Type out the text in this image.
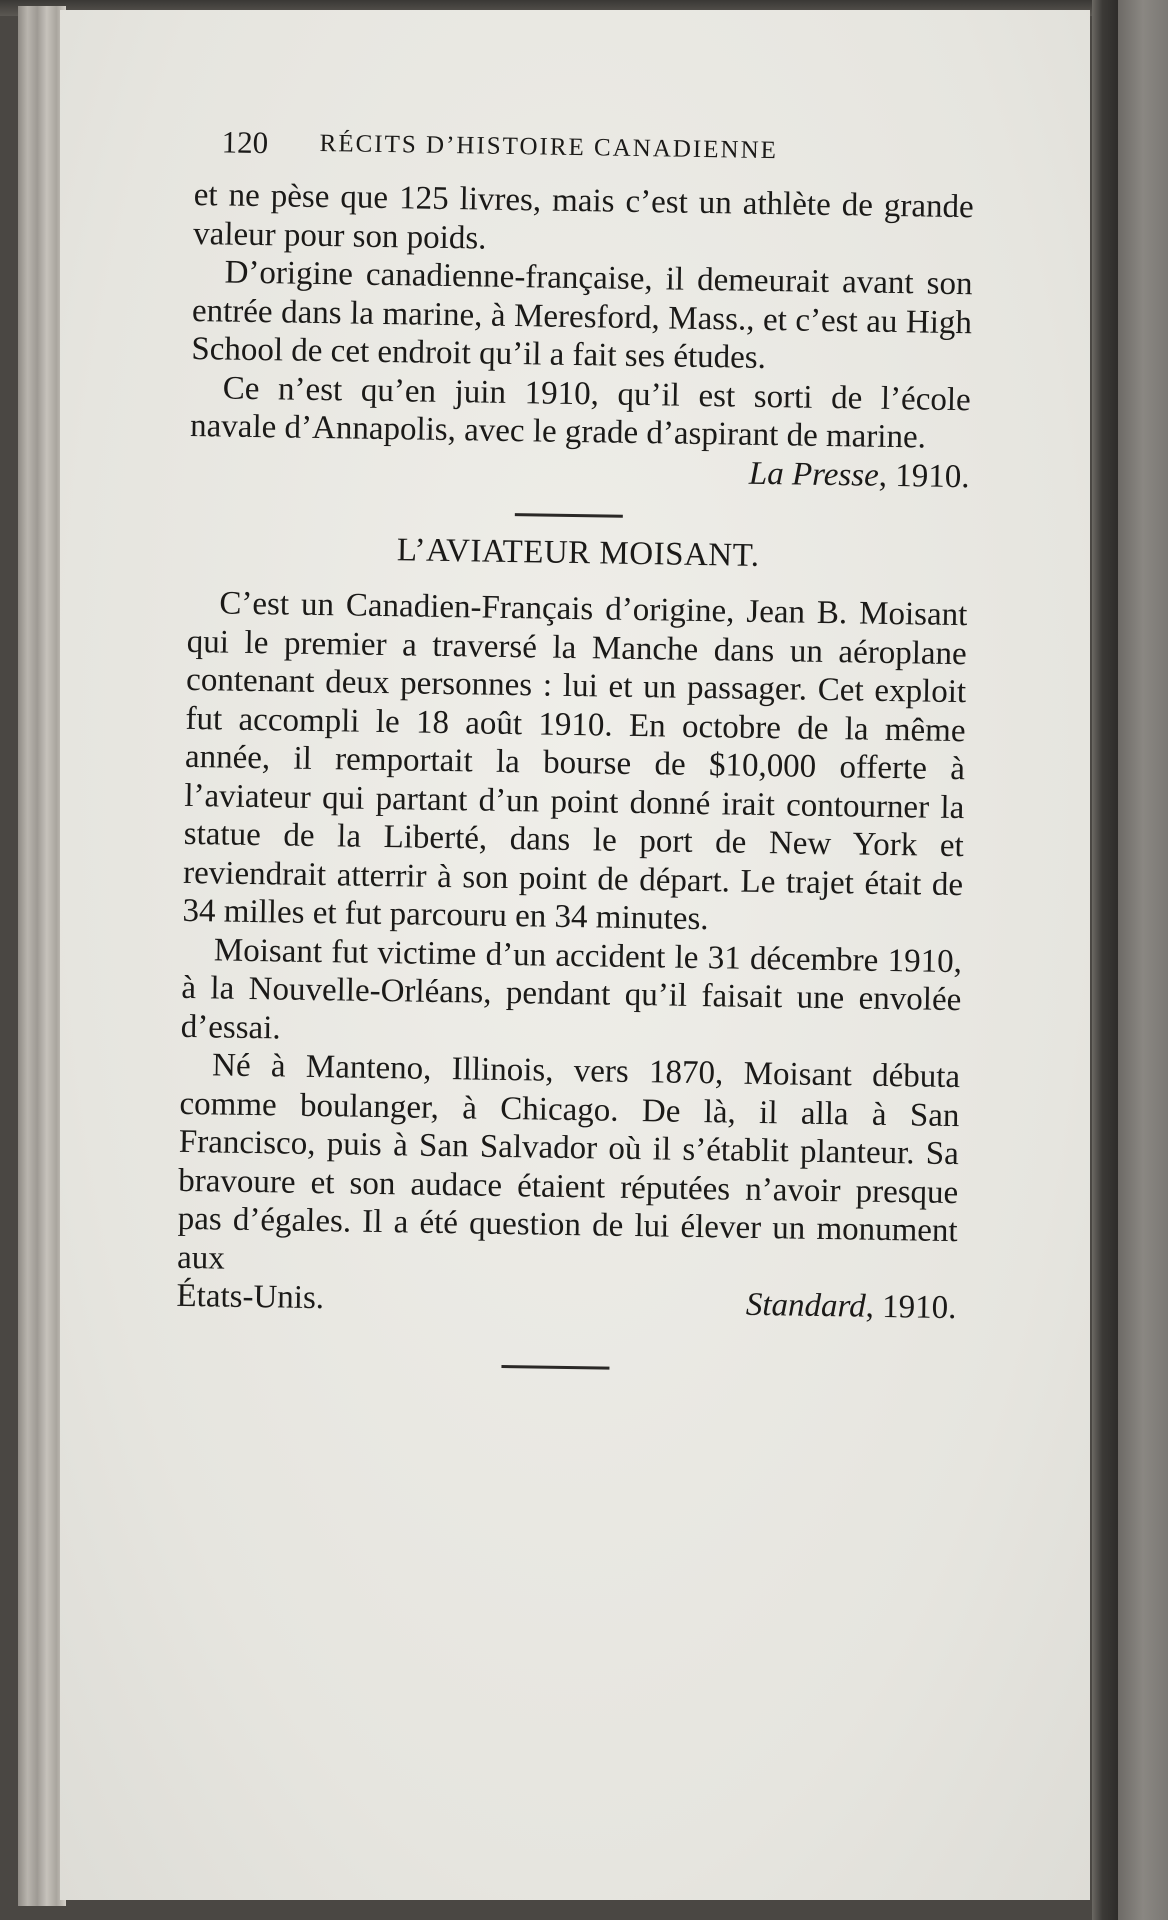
120 RÉCITS D’HISTOIRE CANADIENNE

et ne pèse que 125 livres, mais c’est un athlète de grande valeur pour son poids.

D’origine canadienne-française, il demeurait avant son entrée dans la marine, à Meresford, Mass., et c’est au High School de cet endroit qu’il a fait ses études.

Ce n’est qu’en juin 1910, qu’il est sorti de l’école navale d’Annapolis, avec le grade d’aspirant de marine.

La Presse, 1910.
L’AVIATEUR MOISANT.

C’est un Canadien-Français d’origine, Jean B. Moisant qui le premier a traversé la Manche dans un aéroplane contenant deux personnes : lui et un passager. Cet exploit fut accompli le 18 août 1910. En octobre de la même année, il remportait la bourse de $10,000 offerte à l’aviateur qui partant d’un point donné irait contourner la statue de la Liberté, dans le port de New York et reviendrait atterrir à son point de départ. Le trajet était de 34 milles et fut parcouru en 34 minutes.

Moisant fut victime d’un accident le 31 décembre 1910, à la Nouvelle-Orléans, pendant qu’il faisait une envolée d’essai.

Né à Manteno, Illinois, vers 1870, Moisant débuta comme boulanger, à Chicago. De là, il alla à San Francisco, puis à San Salvador où il s’établit planteur. Sa bravoure et son audace étaient réputées n’avoir presque pas d’égales. Il a été question de lui élever un monument aux

États-Unis.	Standard, 1910.
